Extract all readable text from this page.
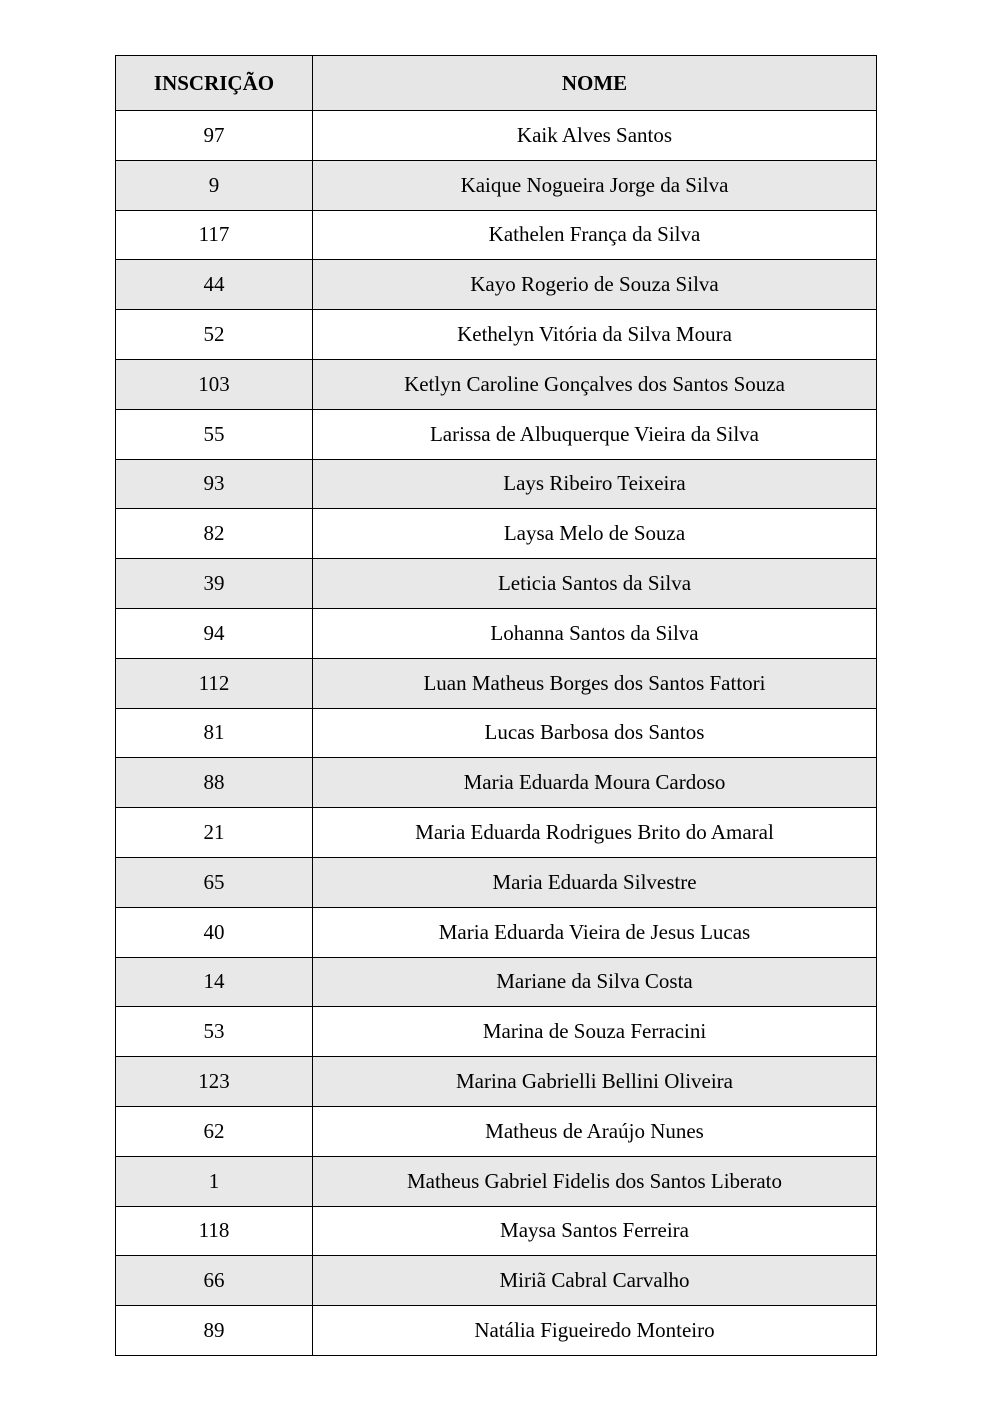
INSCRIÇÃO	NOME
97	Kaik Alves Santos
9	Kaique Nogueira Jorge da Silva
117	Kathelen França da Silva
44	Kayo Rogerio de Souza Silva
52	Kethelyn Vitória da Silva Moura
103	Ketlyn Caroline Gonçalves dos Santos Souza
55	Larissa de Albuquerque Vieira da Silva
93	Lays Ribeiro Teixeira
82	Laysa Melo de Souza
39	Leticia Santos da Silva
94	Lohanna Santos da Silva
112	Luan Matheus Borges dos Santos Fattori
81	Lucas Barbosa dos Santos
88	Maria Eduarda Moura Cardoso
21	Maria Eduarda Rodrigues Brito do Amaral
65	Maria Eduarda Silvestre
40	Maria Eduarda Vieira de Jesus Lucas
14	Mariane da Silva Costa
53	Marina de Souza Ferracini
123	Marina Gabrielli Bellini Oliveira
62	Matheus de Araújo Nunes
1	Matheus Gabriel Fidelis dos Santos Liberato
118	Maysa Santos Ferreira
66	Miriã Cabral Carvalho
89	Natália Figueiredo Monteiro
